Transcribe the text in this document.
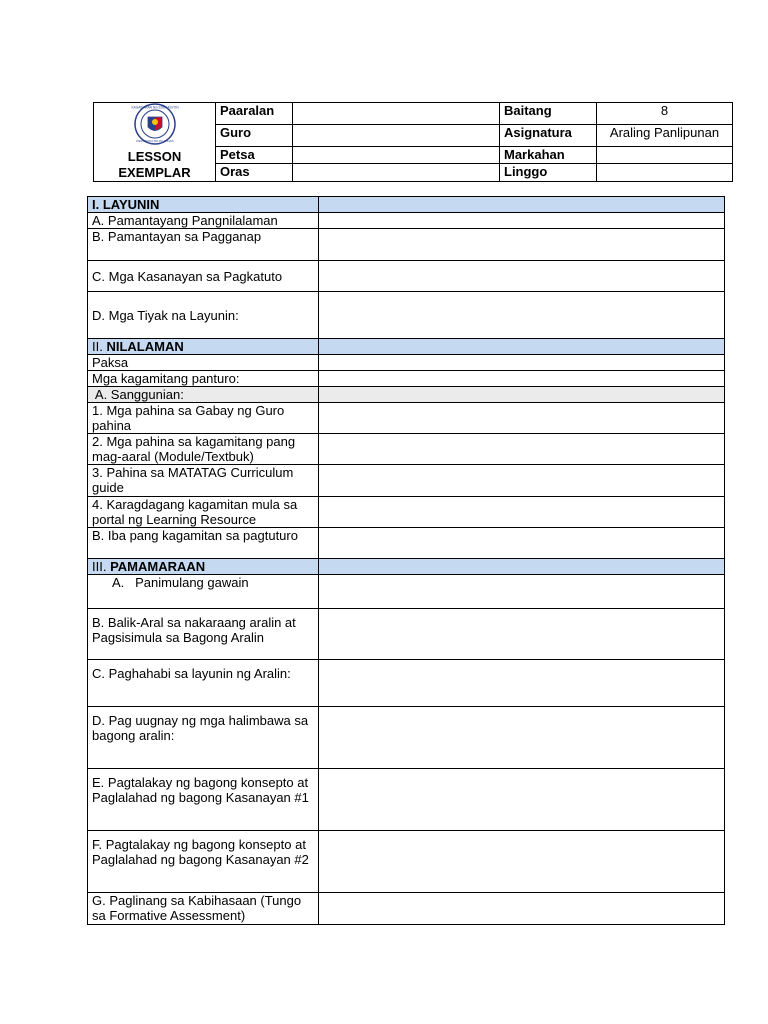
KAGAWARAN NG EDUKASYON
REPUBLIKA NG PILIPINAS
LESSON
EXEMPLAR	Paaralan		Baitang	8
	Guro		Asignatura	Araling Panlipunan
	Petsa		Markahan	
	Oras		Linggo	
I. LAYUNIN	
A. Pamantayang Pangnilalaman	
B. Pamantayan sa Pagganap	
C. Mga Kasanayan sa Pagkatuto	
D. Mga Tiyak na Layunin:	
II. NILALAMAN	
Paksa	
Mga kagamitang panturo:	
A. Sanggunian:	
1. Mga pahina sa Gabay ng Guro pahina	
2. Mga pahina sa kagamitang pang mag-aaral (Module/Textbuk)	
3. Pahina sa MATATAG Curriculum guide	
4. Karagdagang kagamitan mula sa portal ng Learning Resource	
B. Iba pang kagamitan sa pagtuturo	
III. PAMAMARAAN	
A.   Panimulang gawain	
B. Balik-Aral sa nakaraang aralin at Pagsisimula sa Bagong Aralin	
C. Paghahabi sa layunin ng Aralin:	
D. Pag uugnay ng mga halimbawa sa bagong aralin:	
E. Pagtalakay ng bagong konsepto at Paglalahad ng bagong Kasanayan #1	
F. Pagtalakay ng bagong konsepto at Paglalahad ng bagong Kasanayan #2	
G. Paglinang sa Kabihasaan (Tungo sa Formative Assessment)	
